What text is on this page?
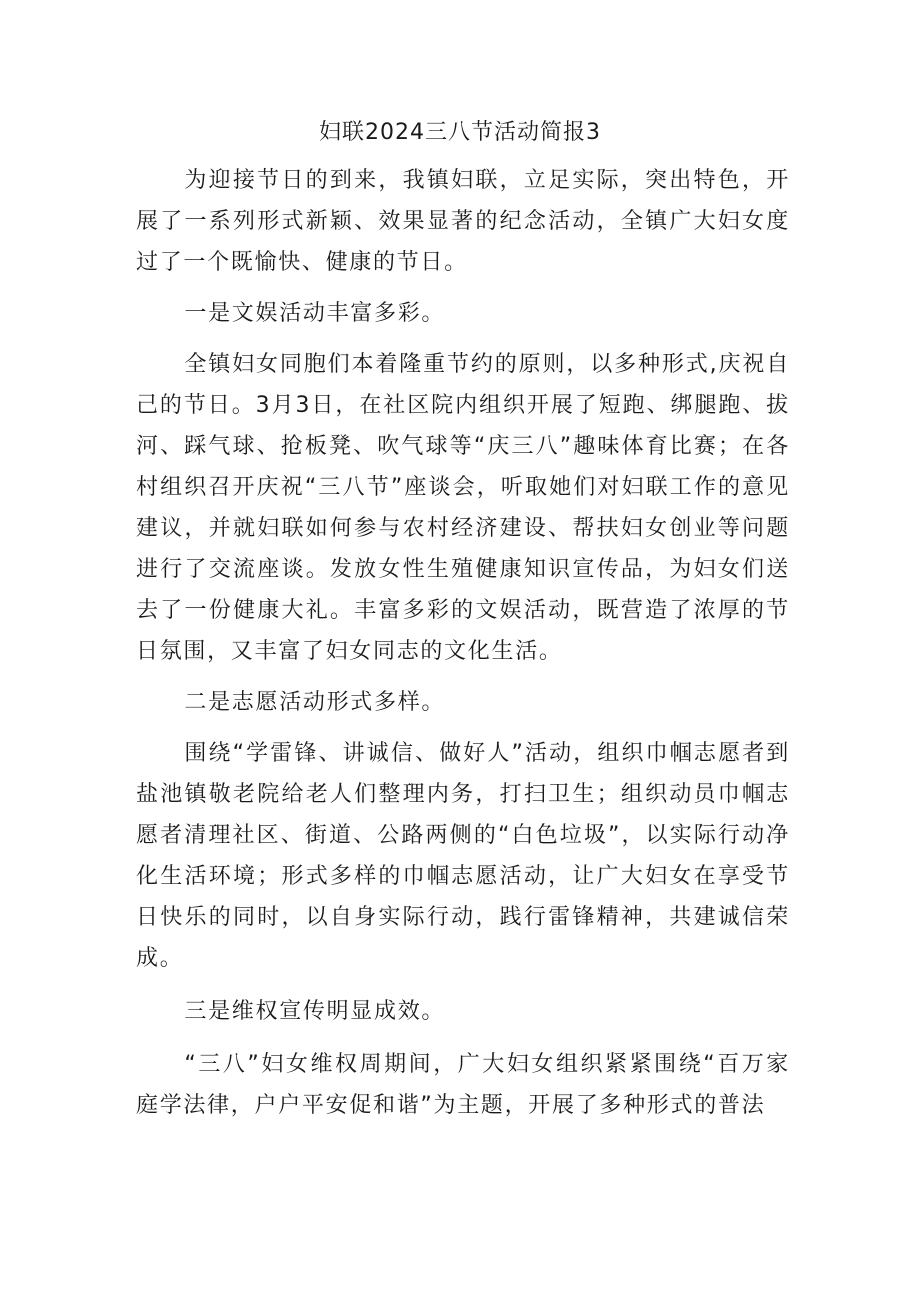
妇联2024三八节活动简报3

为迎接节日的到来，我镇妇联，立足实际，突出特色，开展了一系列形式新颖、效果显著的纪念活动，全镇广大妇女度过了一个既愉快、健康的节日。

一是文娱活动丰富多彩。

全镇妇女同胞们本着隆重节约的原则，以多种形式,庆祝自己的节日。3月3日，在社区院内组织开展了短跑、绑腿跑、拔河、踩气球、抢板凳、吹气球等“庆三八”趣味体育比赛；在各村组织召开庆祝“三八节”座谈会，听取她们对妇联工作的意见建议，并就妇联如何参与农村经济建设、帮扶妇女创业等问题进行了交流座谈。发放女性生殖健康知识宣传品，为妇女们送去了一份健康大礼。丰富多彩的文娱活动，既营造了浓厚的节日氛围，又丰富了妇女同志的文化生活。

二是志愿活动形式多样。

围绕“学雷锋、讲诚信、做好人”活动，组织巾帼志愿者到盐池镇敬老院给老人们整理内务，打扫卫生；组织动员巾帼志愿者清理社区、街道、公路两侧的“白色垃圾”，以实际行动净化生活环境；形式多样的巾帼志愿活动，让广大妇女在享受节日快乐的同时，以自身实际行动，践行雷锋精神，共建诚信荣成。

三是维权宣传明显成效。

“三八”妇女维权周期间，广大妇女组织紧紧围绕“百万家庭学法律，户户平安促和谐”为主题，开展了多种形式的普法
